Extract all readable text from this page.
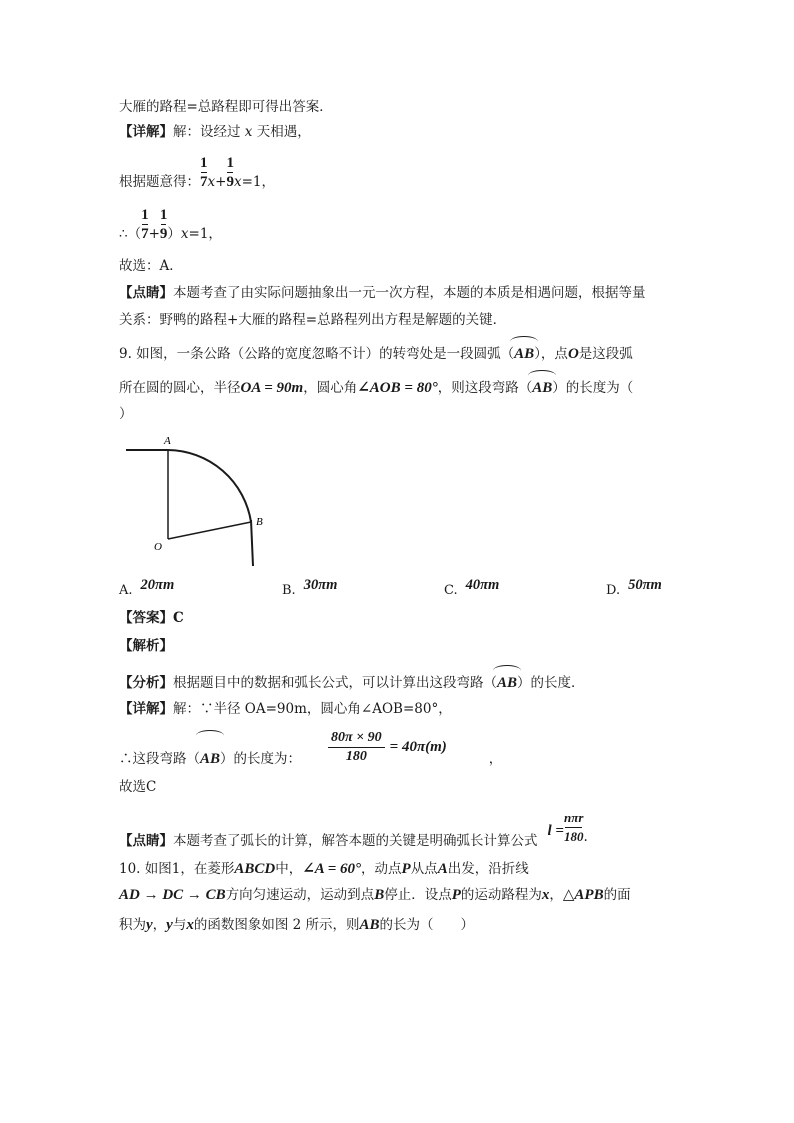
大雁的路程=总路程即可得出答案．
【详解】解：设经过 x 天相遇，
根据题意得： $\frac{1}{7} x+ \frac{1}{9} x=1$，
∴（ $\frac{1}{7} + \frac{1}{9} )x=1$，
故选：A．
【点睛】本题考查了由实际问题抽象出一元一次方程，本题的本质是相遇问题，根据等量
关系：野鸭的路程+大雁的路程=总路程列出方程是解题的关键．
9. 如图，一条公路（公路的宽度忽略不计）的转弯处是一段圆弧（
AB），点O是这段弧
所在圆的圆心，半径OA = 90m，圆心角∠AOB = 80°，则这段弯路（
AB）的长度为（
）
A
B
O
A. 20πm	B. 30πm	C. 40πm	D. 50πm
【答案】C
【解析】
【分析】根据题目中的数据和弧长公式，可以计算出这段弯路（
AB）的长度．
【详解】解：∵半径 OA=90m，圆心角∠AOB=80°，
∴这段弯路（
AB）的长度为： $\frac{80\pi \times 90}{180} = 40\pi(m)$，
故选C
【点睛】本题考查了弧长的计算，解答本题的关键是明确弧长计算公式$l = \frac{\text{nπr}}{180}$ .
10. 如图1，在菱形ABCD中，∠A = 60°，动点P从点A出发，沿折线
AD → DC → CB方向匀速运动，运动到点B停止．设点P的运动路程为x，△APB的面
积为y，y与x的函数图象如图 2 所示，则AB的长为（　　）
